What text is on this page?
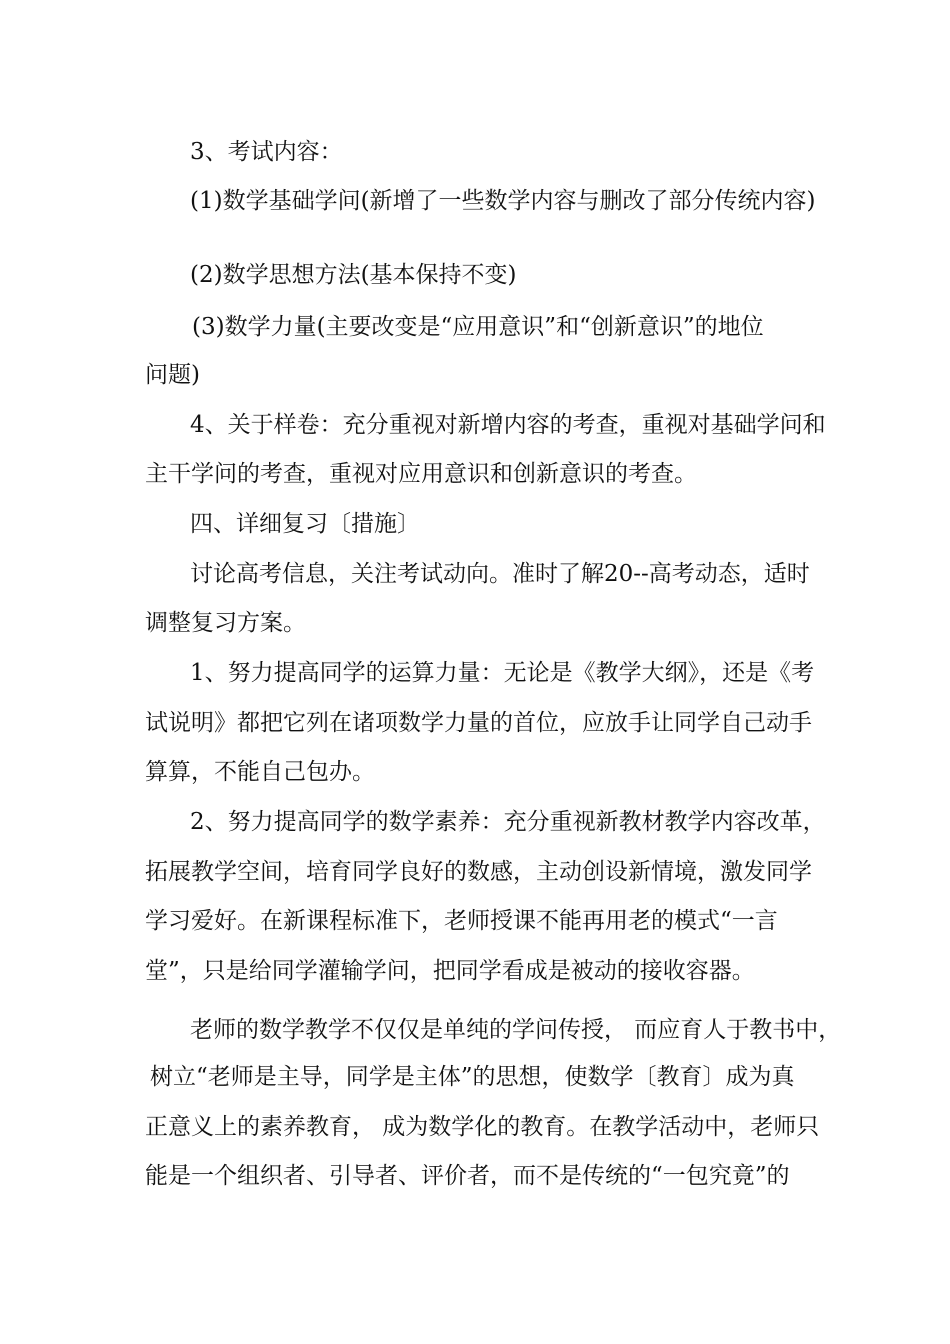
3、考试内容：
(1)数学基础学问(新增了一些数学内容与删改了部分传统内容)
(2)数学思想方法(基本保持不变)
(3)数学力量(主要改变是“应用意识”和“创新意识”的地位
问题)
4、关于样卷：充分重视对新增内容的考查，重视对基础学问和
主干学问的考查，重视对应用意识和创新意识的考查。
四、详细复习〔措施〕
讨论高考信息，关注考试动向。准时了解20--高考动态，适时
调整复习方案。
1、努力提高同学的运算力量：无论是《教学大纲》，还是《考
试说明》都把它列在诸项数学力量的首位，应放手让同学自己动手
算算，不能自己包办。
2、努力提高同学的数学素养：充分重视新教材教学内容改革，
拓展教学空间，培育同学良好的数感，主动创设新情境，激发同学
学习爱好。在新课程标准下，老师授课不能再用老的模式“一言
堂”，只是给同学灌输学问，把同学看成是被动的接收容器。
老师的数学教学不仅仅是单纯的学问传授， 而应育人于教书中，
树立“老师是主导，同学是主体”的思想，使数学〔教育〕成为真
正意义上的素养教育， 成为数学化的教育。在教学活动中，老师只
能是一个组织者、引导者、评价者，而不是传统的“一包究竟”的
